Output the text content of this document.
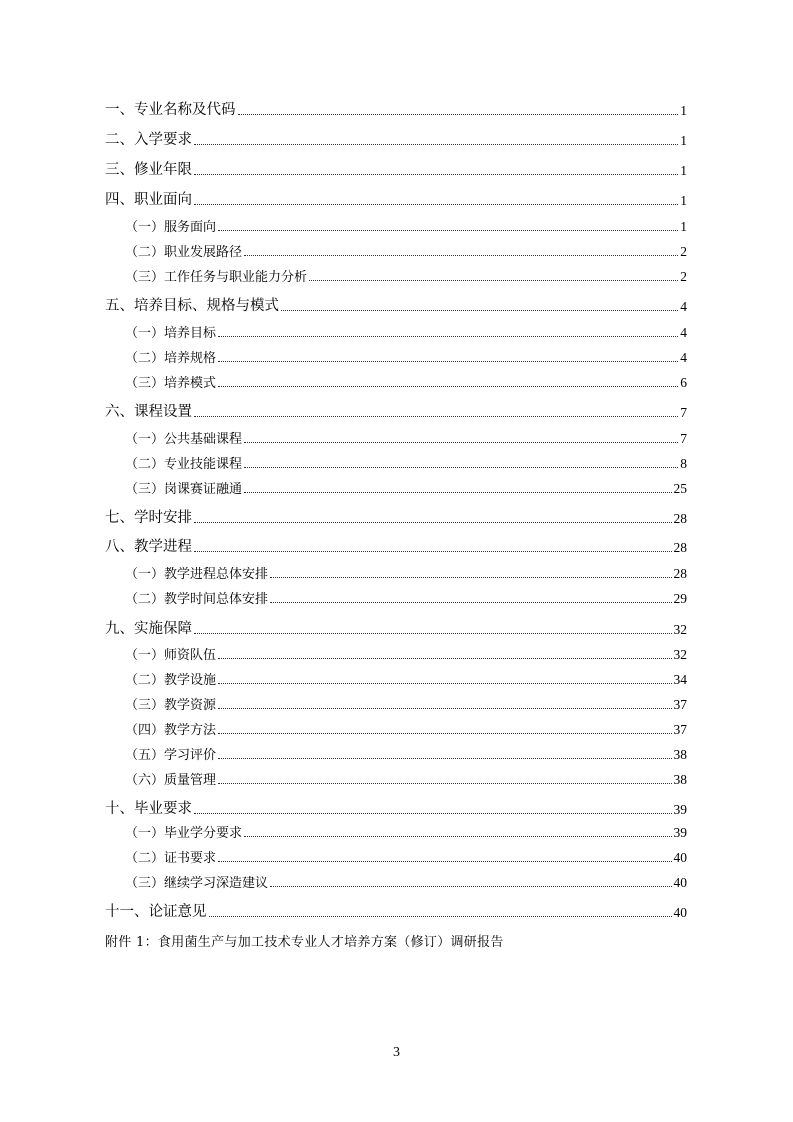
一、专业名称及代码	1
二、入学要求	1
三、修业年限	1
四、职业面向	1
（一）服务面向	1
（二）职业发展路径	2
（三）工作任务与职业能力分析	2
五、培养目标、规格与模式	4
（一）培养目标	4
（二）培养规格	4
（三）培养模式	6
六、课程设置	7
（一）公共基础课程	7
（二）专业技能课程	8
（三）岗课赛证融通	25
七、学时安排	28
八、教学进程	28
（一）教学进程总体安排	28
（二）教学时间总体安排	29
九、实施保障	32
（一）师资队伍	32
（二）教学设施	34
（三）教学资源	37
（四）教学方法	37
（五）学习评价	38
（六）质量管理	38
十、毕业要求	39
（一）毕业学分要求	39
（二）证书要求	40
（三）继续学习深造建议	40
十一、论证意见	40
附件 1：食用菌生产与加工技术专业人才培养方案（修订）调研报告
3
